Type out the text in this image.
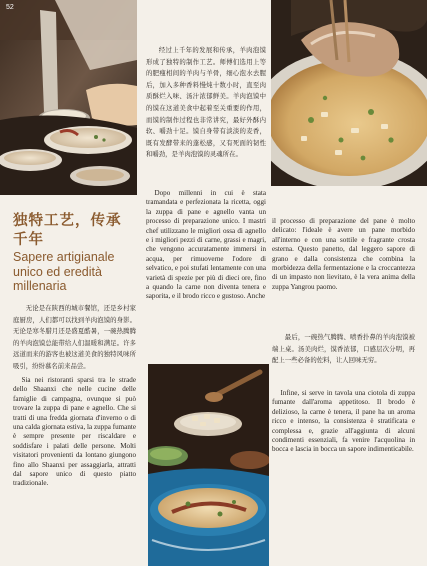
52
独特工艺，传承千年
Sapere artigianale unico ed eredità millenaria

无论是在陕西的城市餐馆，还是乡村家庭厨房，人们都可以找到羊肉泡馍的身影。无论是寒冬腊月还是盛夏酷暑，一碗热腾腾的羊肉泡馍总能带给人们温暖和满足。许多远道而来的游客也被这道美食的独特风味所吸引，纷纷慕名前来品尝。

Sia nei ristoranti sparsi tra le strade dello Shaanxi che nelle cucine delle famiglie di campagna, ovunque si può trovare la zuppa di pane e agnello. Che si tratti di una fredda giornata d'inverno o di una calda giornata estiva, la zuppa fumante è sempre presente per riscaldare e soddisfare i palati delle persone. Molti visitatori provenienti da lontano giungono fino allo Shaanxi per assaggiarla, attratti dal sapore unico di questo piatto tradizionale.

经过上千年的发展和传承，羊肉泡馍形成了独特的制作工艺。师傅们选用上等的肥瘦相间的羊肉与羊骨，细心泡水去腥后，加入多种香料慢炖十数小时，直至肉质酥烂入味、汤汁浓郁鲜美。羊肉泡馍中的馍在这道美食中起着至关重要的作用，而馍的制作过程也非常讲究，最好外酥内软、嚼劲十足。馍自身带有淡淡的麦香，既有发酵带来的蓬松感，又有死面的韧性和嚼劲，是羊肉泡馍的灵魂所在。

Dopo millenni in cui è stata tramandata e perfezionata la ricetta, oggi la zuppa di pane e agnello vanta un processo di preparazione unico. I mastri chef utilizzano le migliori ossa di agnello e i migliori pezzi di carne, grassi e magri, che vengono accuratamente immersi in acqua, per rimuoverne l'odore di selvatico, e poi stufati lentamente con una varietà di spezie per più di dieci ore, fino a quando la carne non diventa tenera e saporita, e il brodo ricco e gustoso. Anche

il processo di preparazione del pane è molto delicato: l'ideale è avere un pane morbido all'interno e con una sottile e fragrante crosta esterna. Questo panetto, dal leggero sapore di grano e dalla consistenza che combina la morbidezza della fermentazione e la croccantezza di un impasto non lievitato, è la vera anima della zuppa Yangrou paomo.

最后，一碗热气腾腾、喷香扑鼻的羊肉泡馍被端上桌。汤美肉烂，馍香浓郁，口感层次分明，再配上一些必备的佐料，让人回味无穷。

Infine, si serve in tavola una ciotola di zuppa fumante dall'aroma appetitoso. Il brodo è delizioso, la carne è tenera, il pane ha un aroma ricco e intenso, la consistenza è stratificata e complessa e, grazie all'aggiunta di alcuni condimenti essenziali, fa venire l'acquolina in bocca e lascia in bocca un sapore indimenticabile.
